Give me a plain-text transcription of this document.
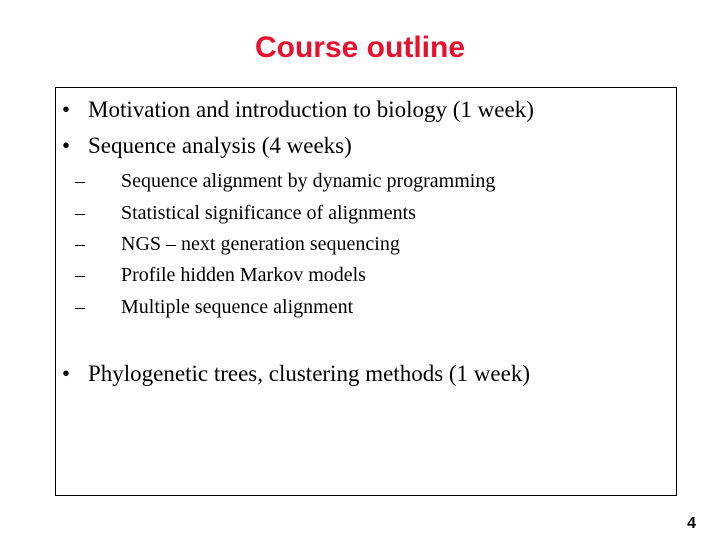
Course outline
• Motivation and introduction to biology (1 week)
• Sequence analysis (4 weeks)
– Sequence alignment by dynamic programming
– Statistical significance of alignments
– NGS – next generation sequencing
– Profile hidden Markov models
– Multiple sequence alignment
• Phylogenetic trees, clustering methods (1 week)
4
